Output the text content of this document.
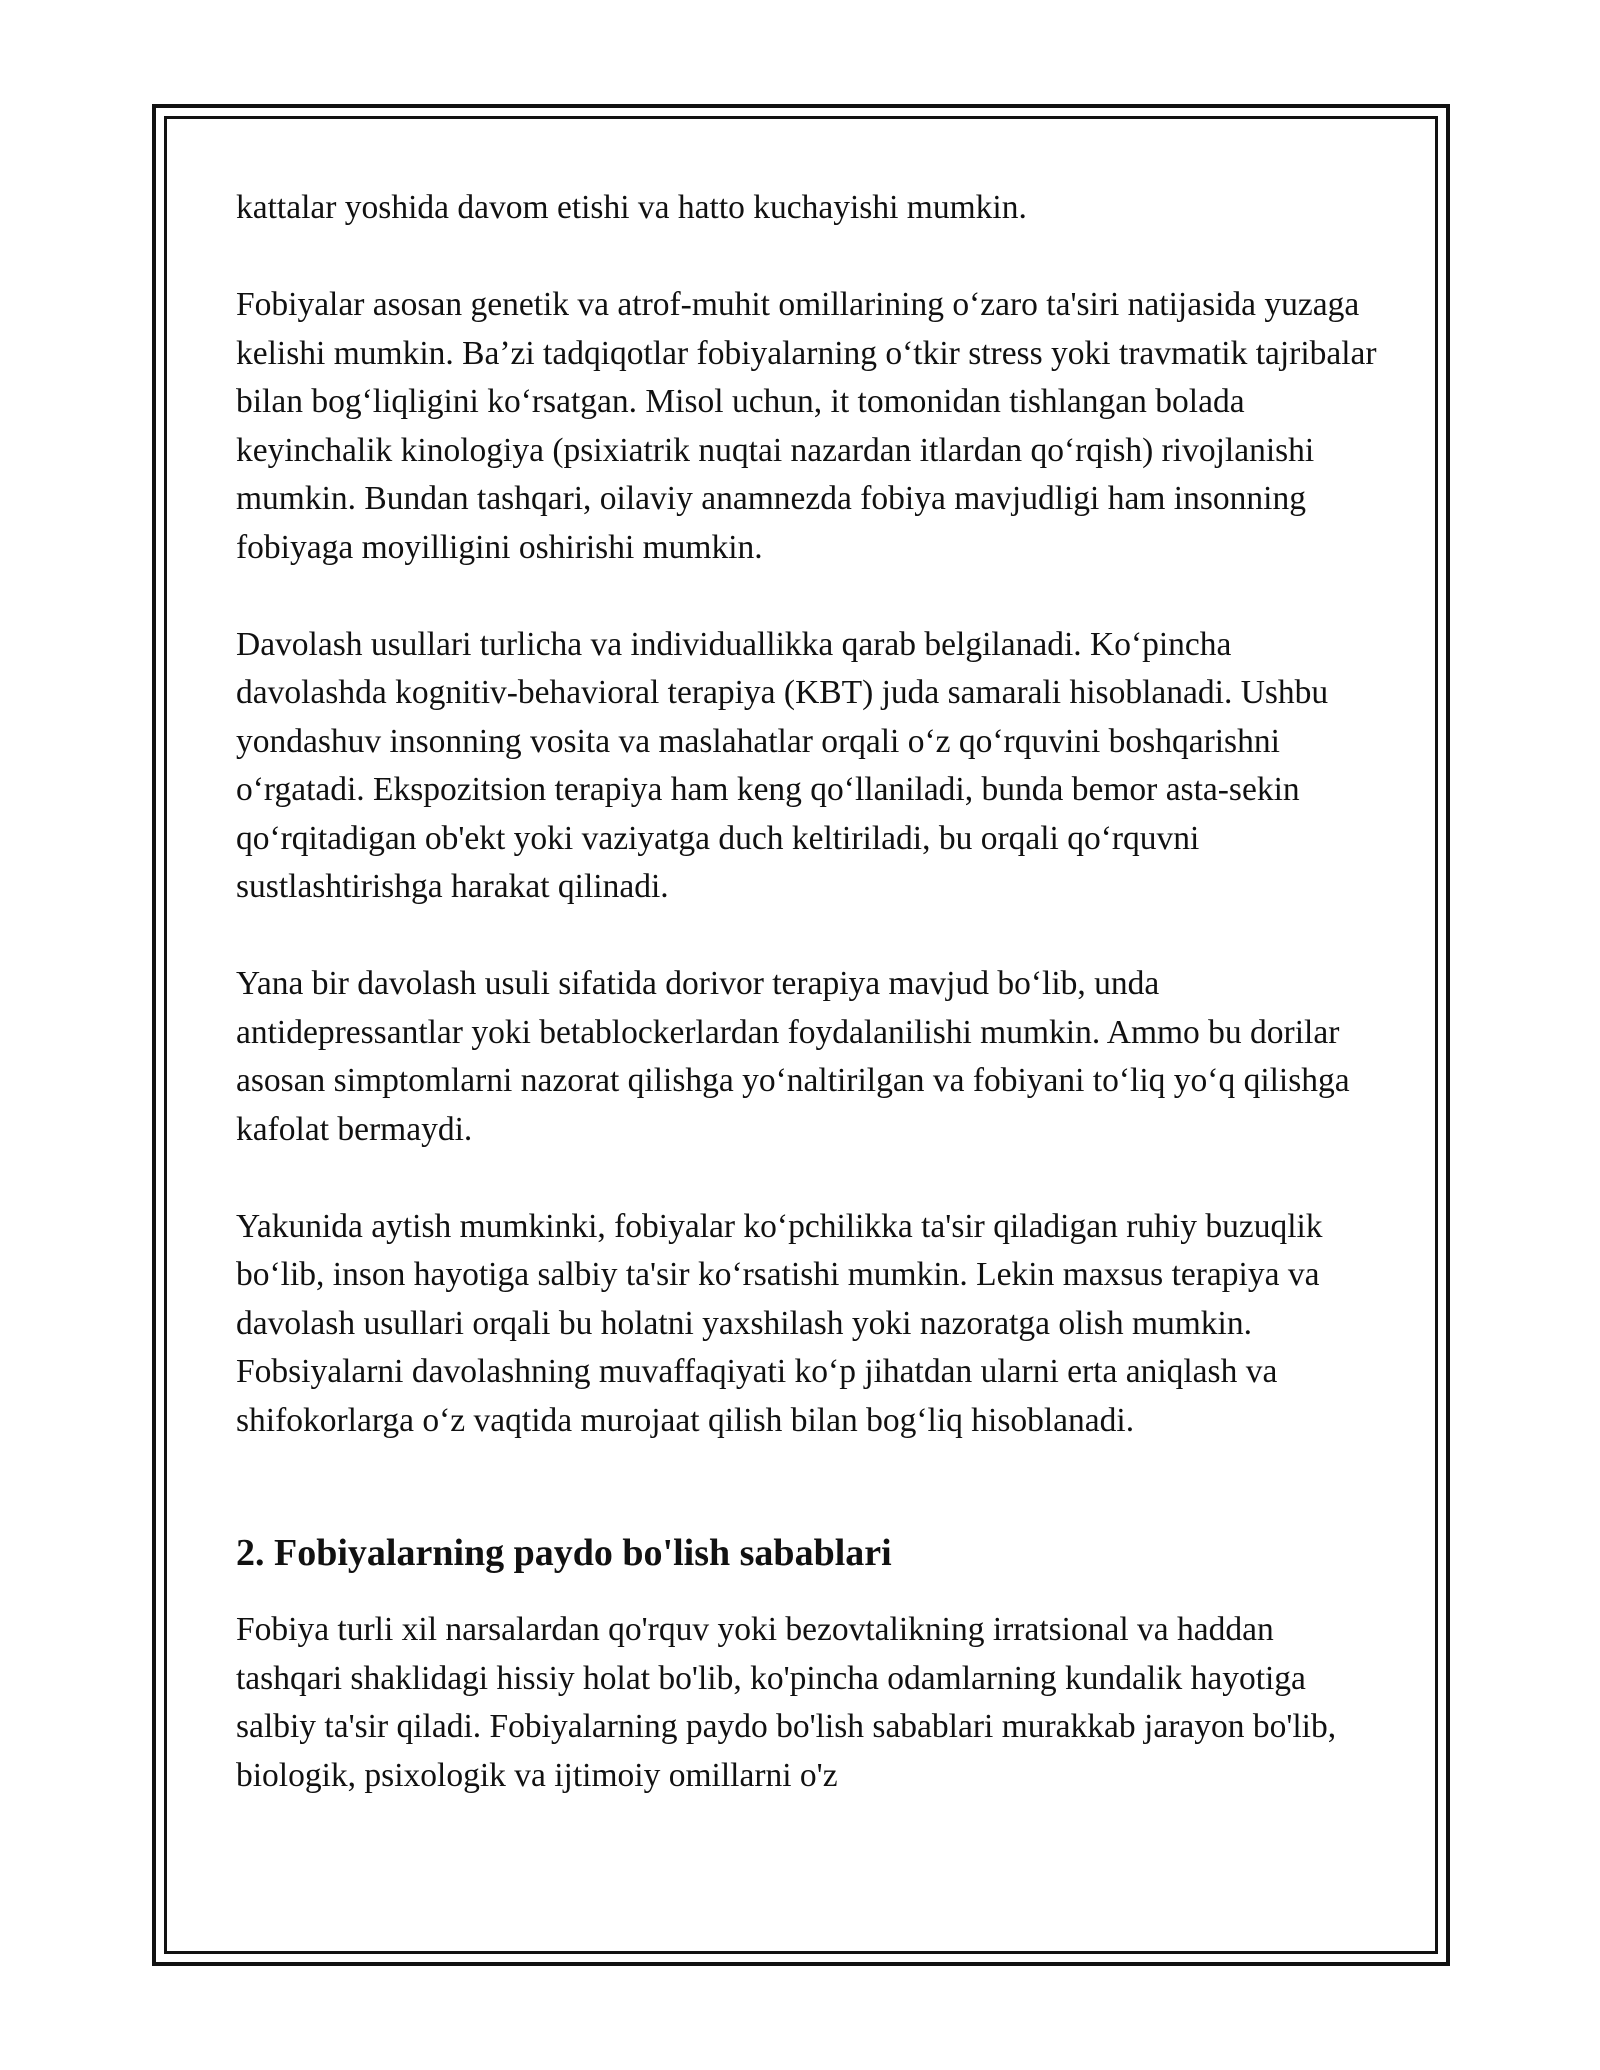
kattalar yoshida davom etishi va hatto kuchayishi mumkin.

Fobiyalar asosan genetik va atrof-muhit omillarining oʻzaro ta'siri natijasida yuzaga kelishi mumkin. Baʼzi tadqiqotlar fobiyalarning oʻtkir stress yoki travmatik tajribalar bilan bogʻliqligini koʻrsatgan. Misol uchun, it tomonidan tishlangan bolada keyinchalik kinologiya (psixiatrik nuqtai nazardan itlardan qoʻrqish) rivojlanishi mumkin. Bundan tashqari, oilaviy anamnezda fobiya mavjudligi ham insonning fobiyaga moyilligini oshirishi mumkin.

Davolash usullari turlicha va individuallikka qarab belgilanadi. Koʻpincha davolashda kognitiv-behavioral terapiya (KBT) juda samarali hisoblanadi. Ushbu yondashuv insonning vosita va maslahatlar orqali oʻz qoʻrquvini boshqarishni oʻrgatadi. Ekspozitsion terapiya ham keng qoʻllaniladi, bunda bemor asta-sekin qoʻrqitadigan ob'ekt yoki vaziyatga duch keltiriladi, bu orqali qoʻrquvni sustlashtirishga harakat qilinadi.

Yana bir davolash usuli sifatida dorivor terapiya mavjud boʻlib, unda antidepressantlar yoki betablockerlardan foydalanilishi mumkin. Ammo bu dorilar asosan simptomlarni nazorat qilishga yoʻnaltirilgan va fobiyani toʻliq yoʻq qilishga kafolat bermaydi.

Yakunida aytish mumkinki, fobiyalar koʻpchilikka ta'sir qiladigan ruhiy buzuqlik boʻlib, inson hayotiga salbiy ta'sir koʻrsatishi mumkin. Lekin maxsus terapiya va davolash usullari orqali bu holatni yaxshilash yoki nazoratga olish mumkin. Fobsiyalarni davolashning muvaffaqiyati koʻp jihatdan ularni erta aniqlash va shifokorlarga oʻz vaqtida murojaat qilish bilan bogʻliq hisoblanadi.

2. Fobiyalarning paydo bo'lish sabablari

Fobiya turli xil narsalardan qo'rquv yoki bezovtalikning irratsional va haddan tashqari shaklidagi hissiy holat bo'lib, ko'pincha odamlarning kundalik hayotiga salbiy ta'sir qiladi. Fobiyalarning paydo bo'lish sabablari murakkab jarayon bo'lib, biologik, psixologik va ijtimoiy omillarni o'z
